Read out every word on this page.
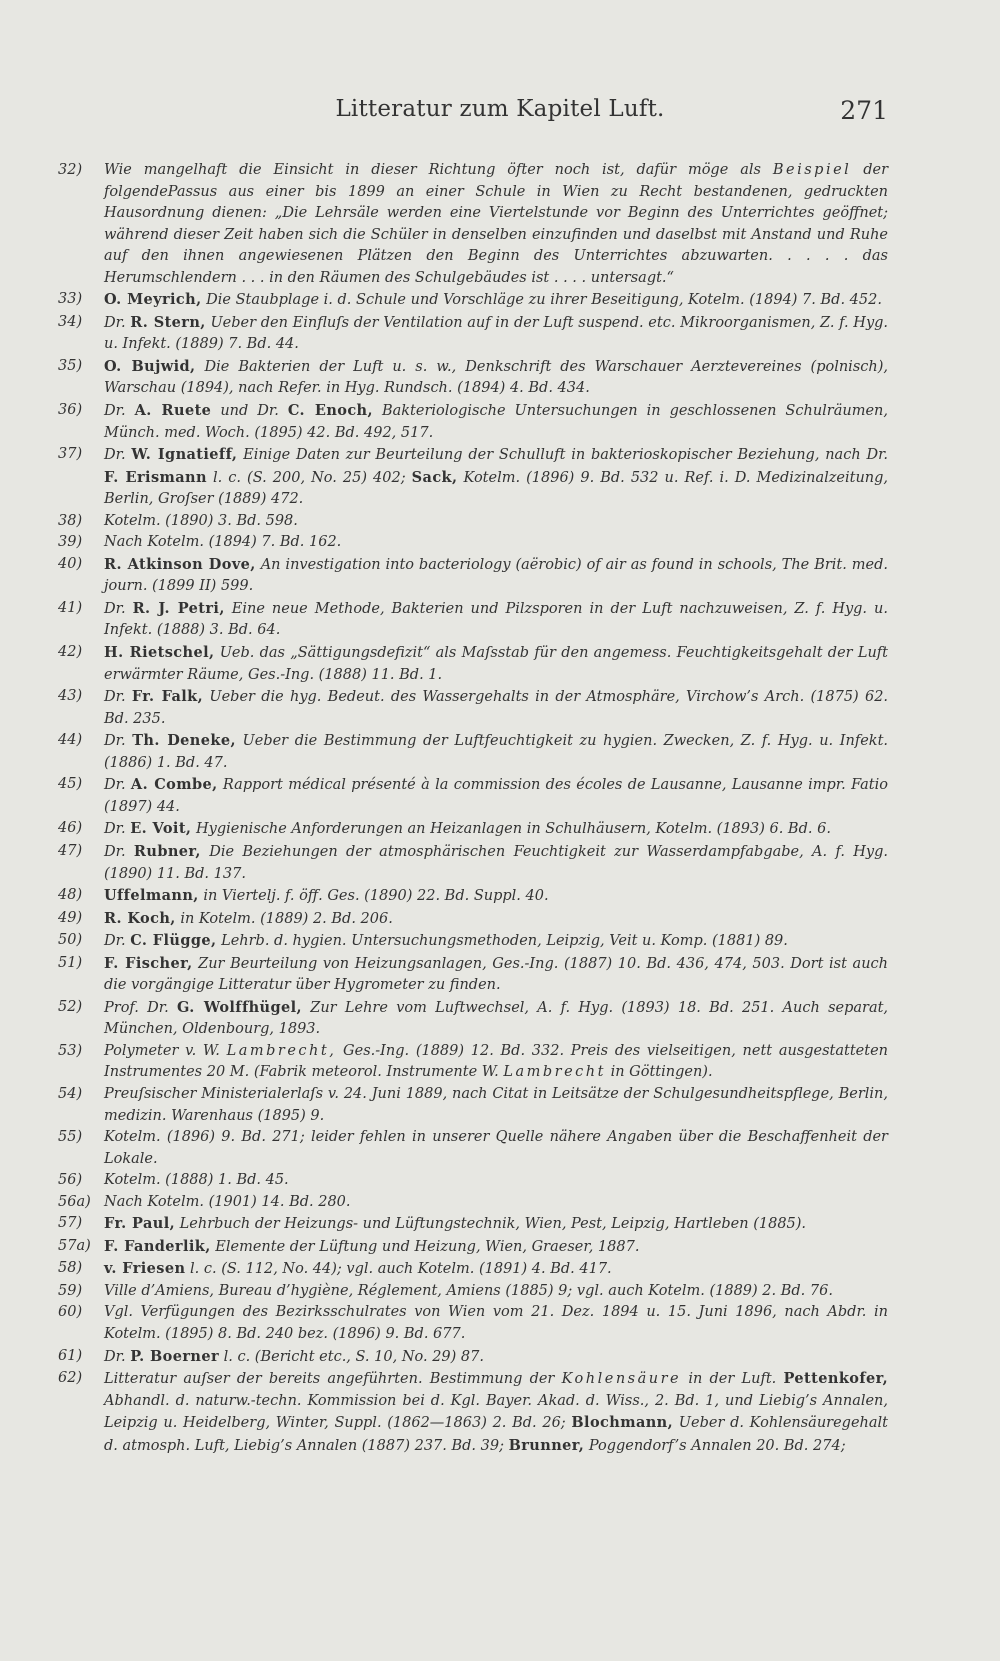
Litteratur zum Kapitel Luft.	271
32) Wie mangelhaft die Einsicht in dieser Richtung öfter noch ist, dafür möge als Beispiel der folgendePassus aus einer bis 1899 an einer Schule in Wien zu Recht bestandenen, gedruckten Hausordnung dienen: „Die Lehrsäle werden eine Viertelstunde vor Beginn des Unterrichtes geöffnet; während dieser Zeit haben sich die Schüler in denselben einzufinden und daselbst mit Anstand und Ruhe auf den ihnen angewiesenen Plätzen den Beginn des Unterrichtes abzuwarten. . . . . das Herumschlendern . . . in den Räumen des Schulgebäudes ist . . . . untersagt.“
33) O. Meyrich, Die Staubplage i. d. Schule und Vorschläge zu ihrer Beseitigung, Kotelm. (1894) 7. Bd. 452.
34) Dr. R. Stern, Ueber den Einfluſs der Ventilation auf in der Luft suspend. etc. Mikroorganismen, Z. f. Hyg. u. Infekt. (1889) 7. Bd. 44.
35) O. Bujwid, Die Bakterien der Luft u. s. w., Denkschrift des Warschauer Aerztevereines (polnisch), Warschau (1894), nach Refer. in Hyg. Rundsch. (1894) 4. Bd. 434.
36) Dr. A. Ruete und Dr. C. Enoch, Bakteriologische Untersuchungen in geschlossenen Schulräumen, Münch. med. Woch. (1895) 42. Bd. 492, 517.
37) Dr. W. Ignatieff, Einige Daten zur Beurteilung der Schulluft in bakterioskopischer Beziehung, nach Dr. F. Erismann l. c. (S. 200, No. 25) 402; Sack, Kotelm. (1896) 9. Bd. 532 u. Ref. i. D. Medizinalzeitung, Berlin, Groſser (1889) 472.
38) Kotelm. (1890) 3. Bd. 598.
39) Nach Kotelm. (1894) 7. Bd. 162.
40) R. Atkinson Dove, An investigation into bacteriology (aërobic) of air as found in schools, The Brit. med. journ. (1899 II) 599.
41) Dr. R. J. Petri, Eine neue Methode, Bakterien und Pilzsporen in der Luft nachzuweisen, Z. f. Hyg. u. Infekt. (1888) 3. Bd. 64.
42) H. Rietschel, Ueb. das „Sättigungsdefizit“ als Maſsstab für den angemess. Feuchtigkeitsgehalt der Luft erwärmter Räume, Ges.-Ing. (1888) 11. Bd. 1.
43) Dr. Fr. Falk, Ueber die hyg. Bedeut. des Wassergehalts in der Atmosphäre, Virchow’s Arch. (1875) 62. Bd. 235.
44) Dr. Th. Deneke, Ueber die Bestimmung der Luftfeuchtigkeit zu hygien. Zwecken, Z. f. Hyg. u. Infekt. (1886) 1. Bd. 47.
45) Dr. A. Combe, Rapport médical présenté à la commission des écoles de Lausanne, Lausanne impr. Fatio (1897) 44.
46) Dr. E. Voit, Hygienische Anforderungen an Heizanlagen in Schulhäusern, Kotelm. (1893) 6. Bd. 6.
47) Dr. Rubner, Die Beziehungen der atmosphärischen Feuchtigkeit zur Wasserdampfabgabe, A. f. Hyg. (1890) 11. Bd. 137.
48) Uffelmann, in Viertelj. f. öff. Ges. (1890) 22. Bd. Suppl. 40.
49) R. Koch, in Kotelm. (1889) 2. Bd. 206.
50) Dr. C. Flügge, Lehrb. d. hygien. Untersuchungsmethoden, Leipzig, Veit u. Komp. (1881) 89.
51) F. Fischer, Zur Beurteilung von Heizungsanlagen, Ges.-Ing. (1887) 10. Bd. 436, 474, 503. Dort ist auch die vorgängige Litteratur über Hygrometer zu finden.
52) Prof. Dr. G. Wolffhügel, Zur Lehre vom Luftwechsel, A. f. Hyg. (1893) 18. Bd. 251. Auch separat, München, Oldenbourg, 1893.
53) Polymeter v. W. Lambrecht, Ges.-Ing. (1889) 12. Bd. 332. Preis des vielseitigen, nett ausgestatteten Instrumentes 20 M. (Fabrik meteorol. Instrumente W. Lambrecht in Göttingen).
54) Preuſsischer Ministerialerlaſs v. 24. Juni 1889, nach Citat in Leitsätze der Schulgesundheitspflege, Berlin, medizin. Warenhaus (1895) 9.
55) Kotelm. (1896) 9. Bd. 271; leider fehlen in unserer Quelle nähere Angaben über die Beschaffenheit der Lokale.
56) Kotelm. (1888) 1. Bd. 45.
56a) Nach Kotelm. (1901) 14. Bd. 280.
57) Fr. Paul, Lehrbuch der Heizungs- und Lüftungstechnik, Wien, Pest, Leipzig, Hartleben (1885).
57a) F. Fanderlik, Elemente der Lüftung und Heizung, Wien, Graeser, 1887.
58) v. Friesen l. c. (S. 112, No. 44); vgl. auch Kotelm. (1891) 4. Bd. 417.
59) Ville d’Amiens, Bureau d’hygiène, Réglement, Amiens (1885) 9; vgl. auch Kotelm. (1889) 2. Bd. 76.
60) Vgl. Verfügungen des Bezirksschulrates von Wien vom 21. Dez. 1894 u. 15. Juni 1896, nach Abdr. in Kotelm. (1895) 8. Bd. 240 bez. (1896) 9. Bd. 677.
61) Dr. P. Boerner l. c. (Bericht etc., S. 10, No. 29) 87.
62) Litteratur auſser der bereits angeführten. Bestimmung der Kohlensäure in der Luft. Pettenkofer, Abhandl. d. naturw.-techn. Kommission bei d. Kgl. Bayer. Akad. d. Wiss., 2. Bd. 1, und Liebig’s Annalen, Leipzig u. Heidelberg, Winter, Suppl. (1862—1863) 2. Bd. 26; Blochmann, Ueber d. Kohlensäuregehalt d. atmosph. Luft, Liebig’s Annalen (1887) 237. Bd. 39; Brunner, Poggendorf’s Annalen 20. Bd. 274;
